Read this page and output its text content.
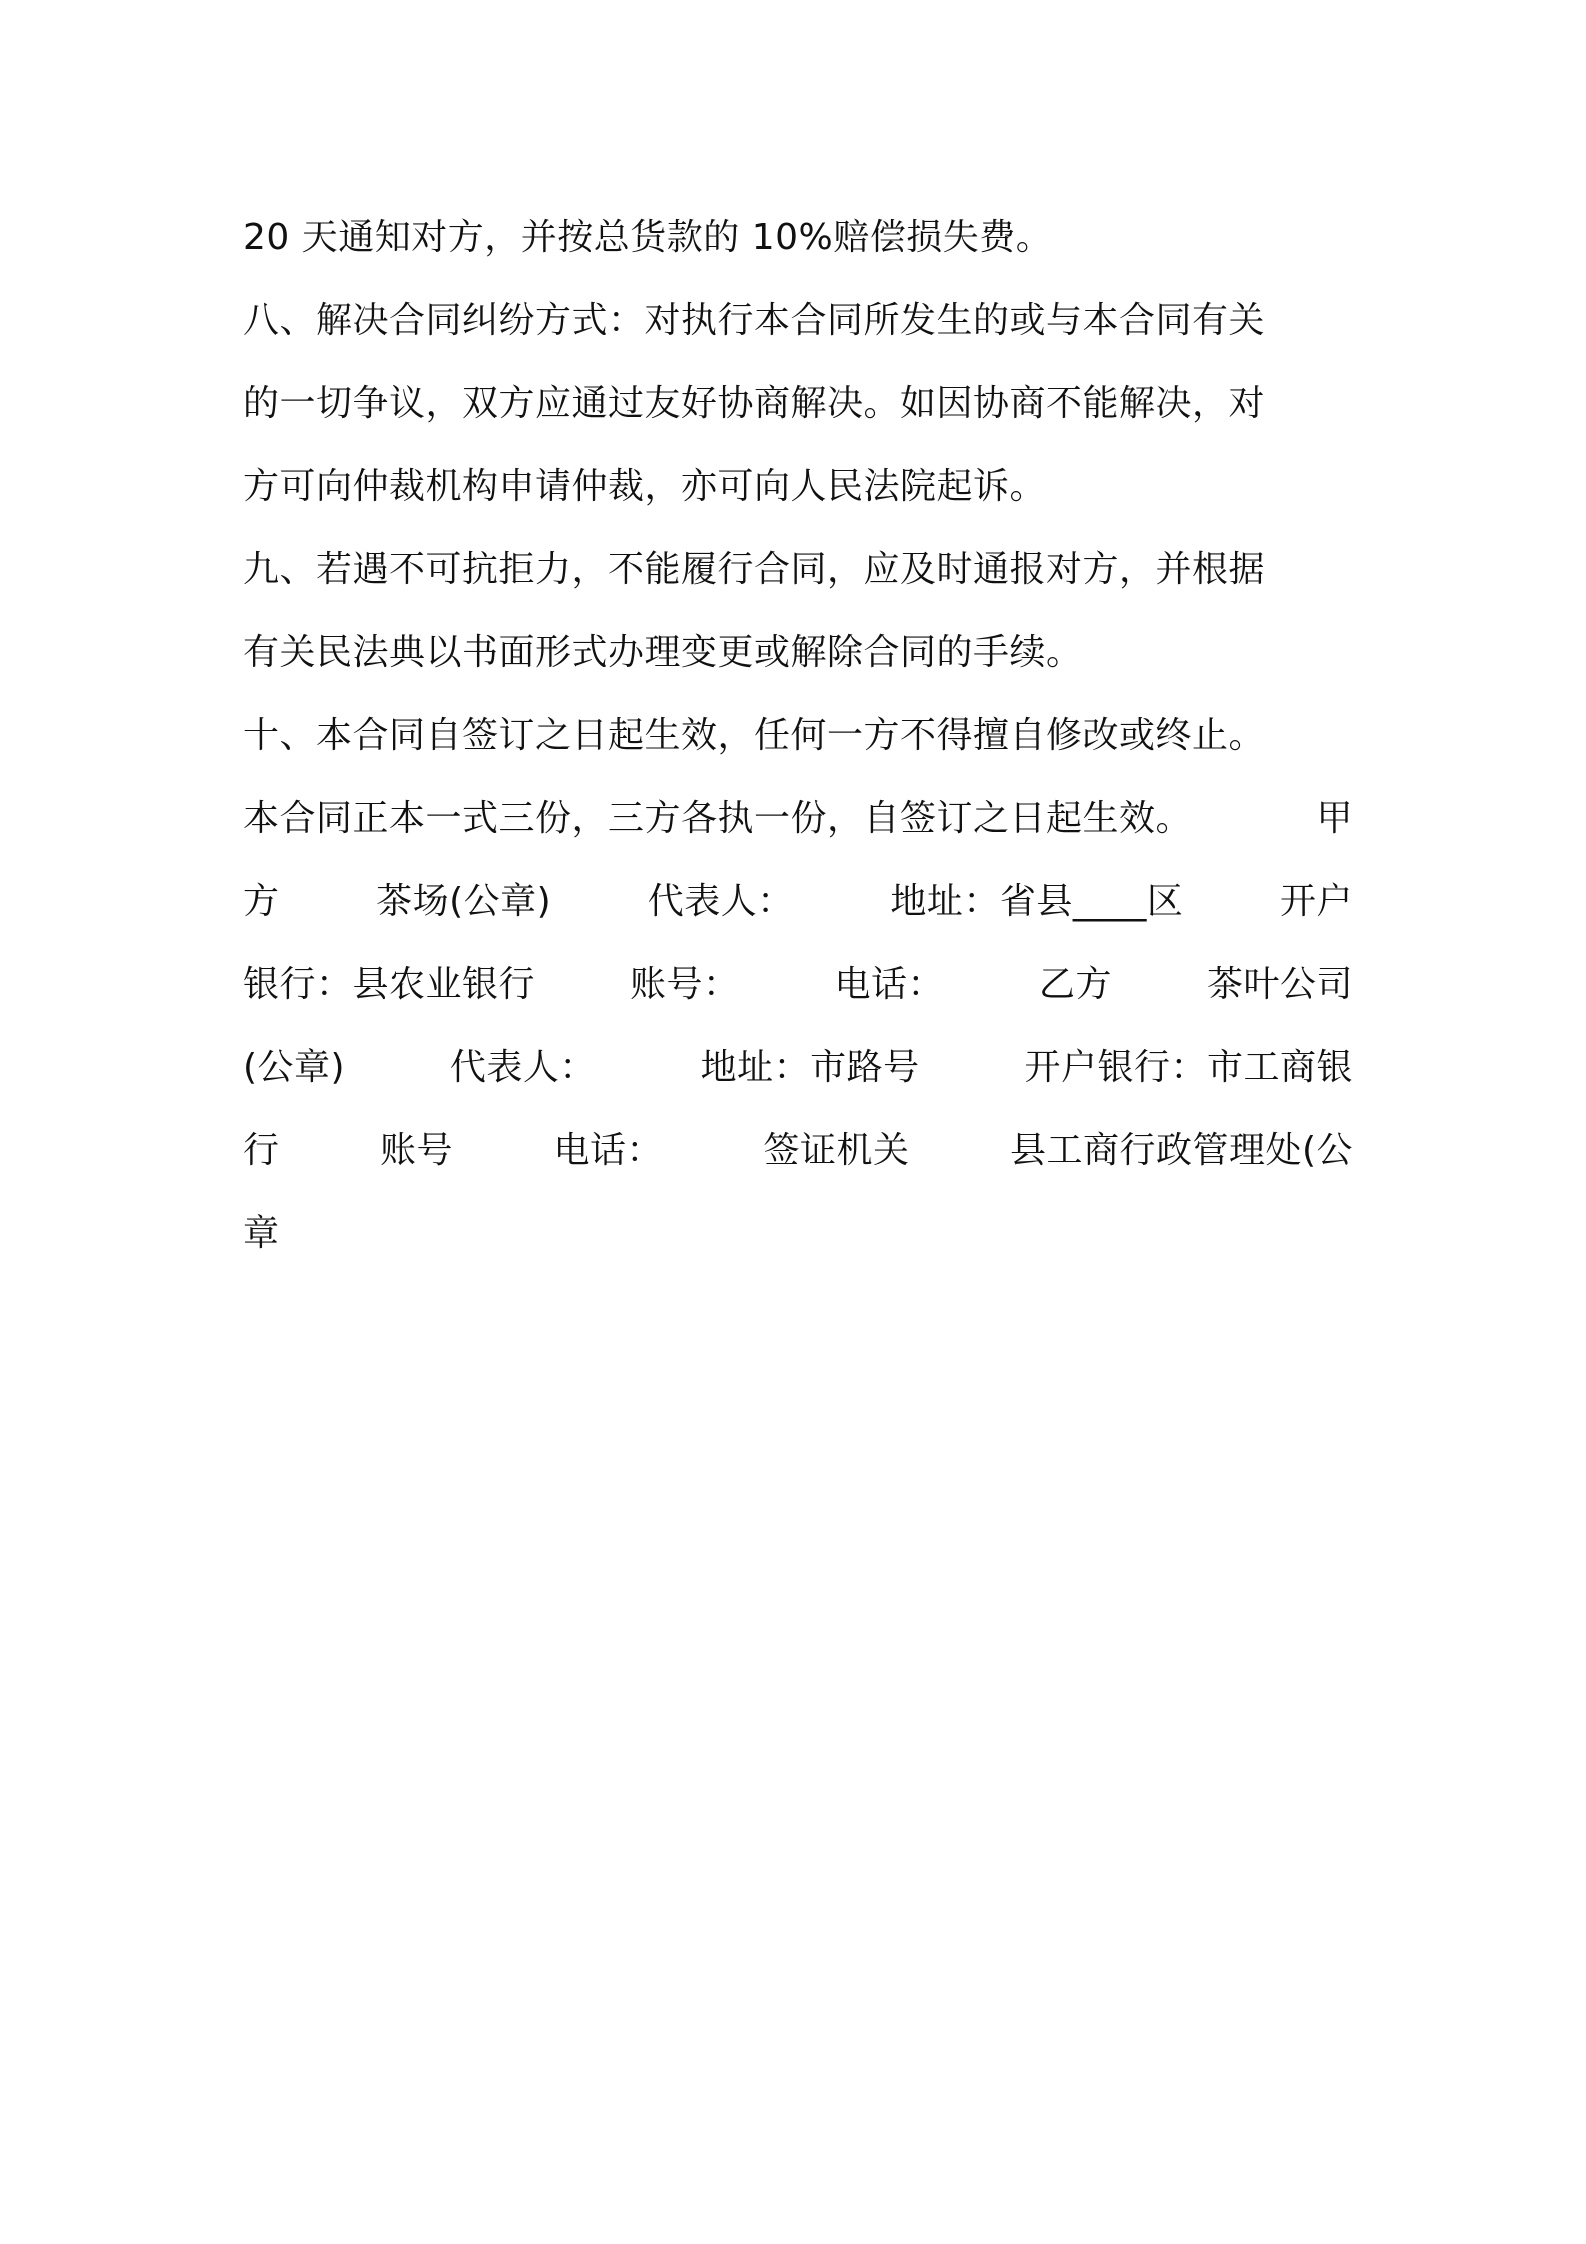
20 天通知对方，并按总货款的 10%赔偿损失费。
八、解决合同纠纷方式：对执行本合同所发生的或与本合同有关
的一切争议，双方应通过友好协商解决。如因协商不能解决，对
方可向仲裁机构申请仲裁，亦可向人民法院起诉。
九、若遇不可抗拒力，不能履行合同，应及时通报对方，并根据
有关民法典以书面形式办理变更或解除合同的手续。
十、本合同自签订之日起生效，任何一方不得擅自修改或终止。
本合同正本一式三份，三方各执一份，自签订之日起生效。	甲
方	茶场(公章)	代表人：	地址：省县____区	开户
银行：县农业银行	账号：	电话：	乙方	茶叶公司
(公章)	代表人：	地址：市路号	开户银行：市工商银
行	账号	电话：	签证机关	县工商行政管理处(公
章
